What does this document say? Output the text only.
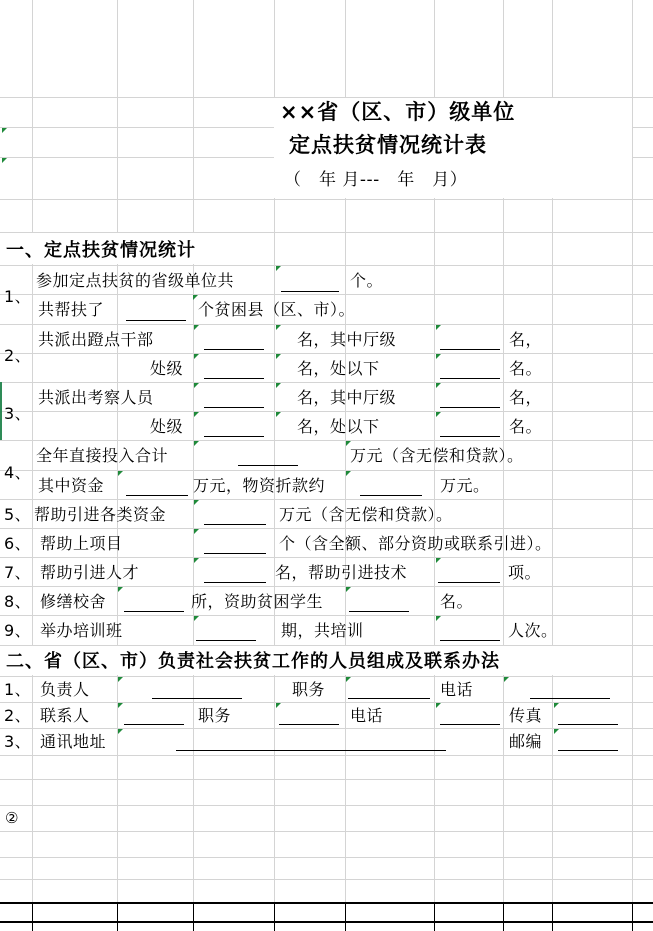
××省（区、市）级单位
定点扶贫情况统计表
（　年 月---　年　月）
一、定点扶贫情况统计
1、
参加定点扶贫的省级单位共	个。
共帮扶了	个贫困县（区、市）。
2、
共派出蹬点干部	名，其中厅级	名，
处级	名，处以下	名。
3、
共派出考察人员	名，其中厅级	名，
处级	名，处以下	名。
4、
全年直接投入合计	万元（含无偿和贷款）。
其中资金	万元，物资折款约	万元。
5、 帮助引进各类资金	万元（含无偿和贷款）。
6、 帮助上项目	个（含全额、部分资助或联系引进）。
7、 帮助引进人才	名，帮助引进技术	项。
8、 修缮校舍	所，资助贫困学生	名。
9、 举办培训班	期，共培训	人次。
二、省（区、市）负责社会扶贫工作的人员组成及联系办法
1、 负责人	职务	电话
2、 联系人	职务	电话	传真
3、 通讯地址	邮编
②
